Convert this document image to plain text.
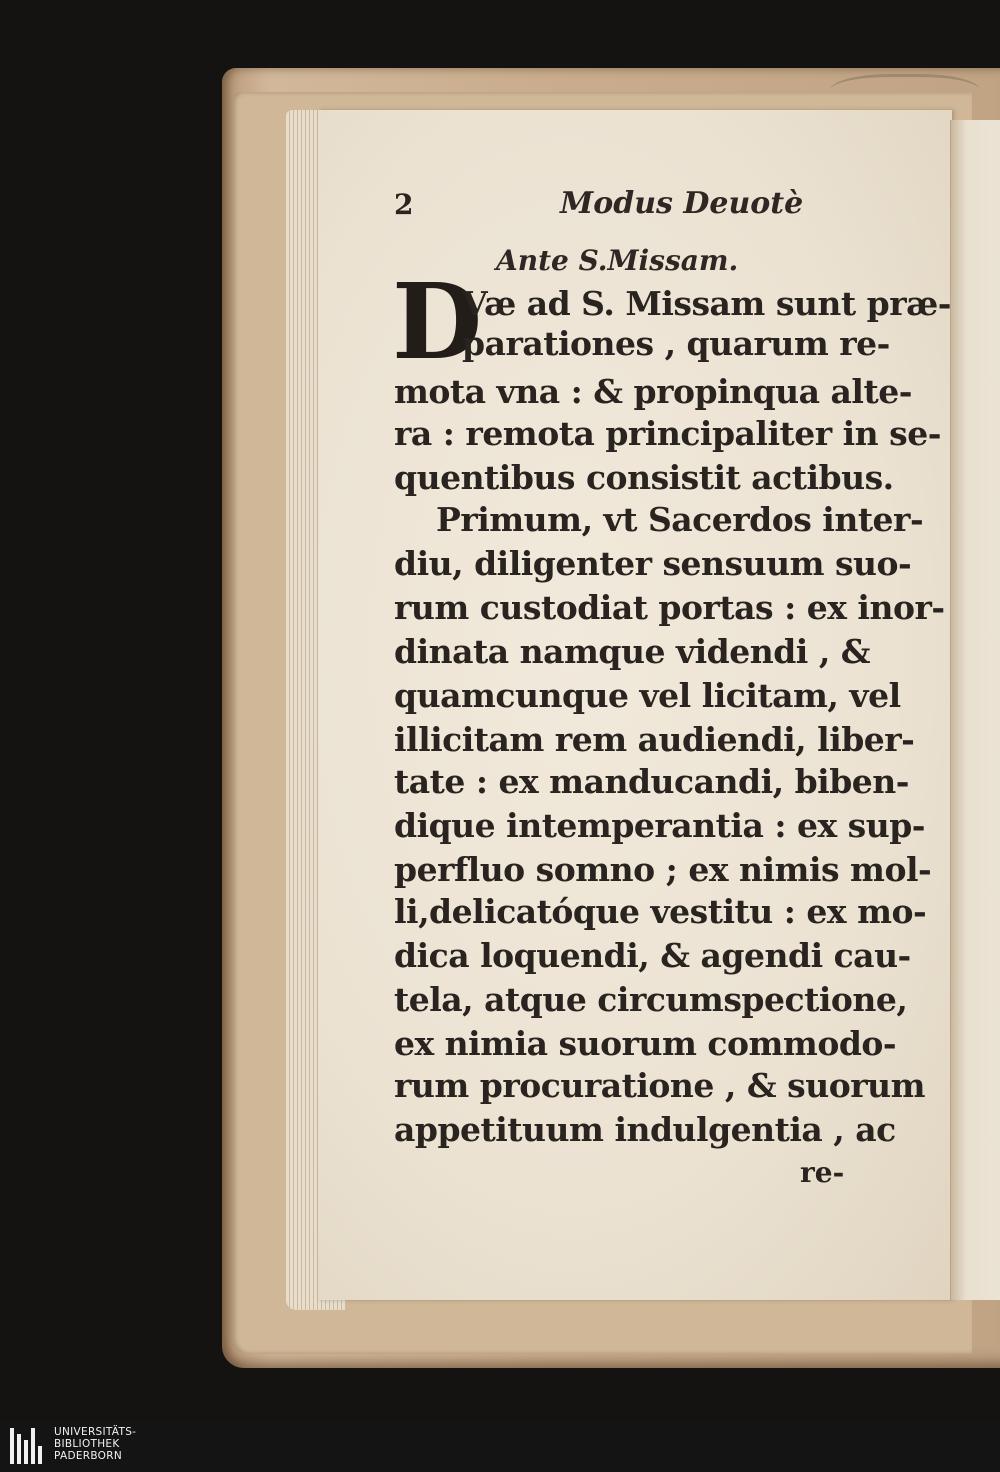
2	Modus Deuotè
Ante S.Missam.
D
Væ ad S. Missam sunt præ-
parationes , quarum re-
mota vna : & propinqua alte-
ra : remota principaliter in se-
quentibus consistit actibus.
Primum, vt Sacerdos inter-
diu, diligenter sensuum suo-
rum custodiat portas : ex inor-
dinata namque videndi , &
quamcunque vel licitam, vel
illicitam rem audiendi, liber-
tate : ex manducandi, biben-
dique intemperantia : ex sup-
perfluo somno ; ex nimis mol-
li,delicatóque vestitu : ex mo-
dica loquendi, & agendi cau-
tela, atque circumspectione,
ex nimia suorum commodo-
rum procuratione , & suorum
appetituum indulgentia , ac
re-
UNIVERSITÄTS-
BIBLIOTHEK
PADERBORN
